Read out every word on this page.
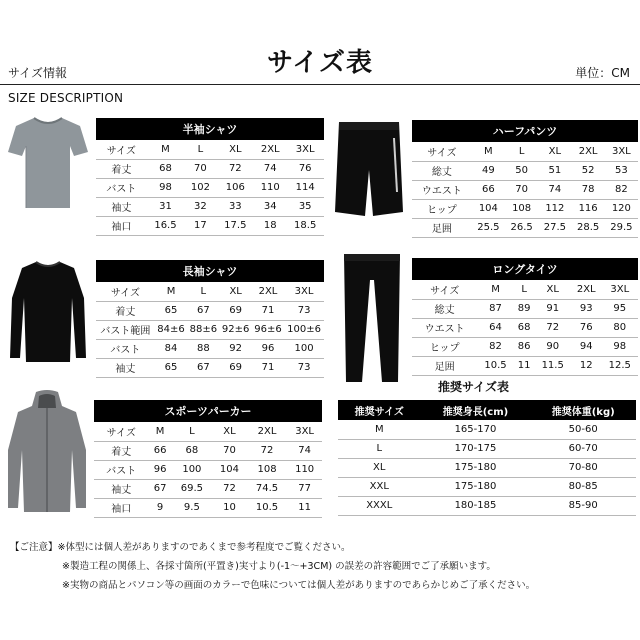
サイズ表
サイズ情報	単位：CM
SIZE DESCRIPTION
半袖シャツ					
サイズ	M	L	XL	2XL	3XL
着丈	68	70	72	74	76
バスト	98	102	106	110	114
袖丈	31	32	33	34	35
袖口	16.5	17	17.5	18	18.5
ハーフパンツ					
サイズ	M	L	XL	2XL	3XL
総丈	49	50	51	52	53
ウエスト	66	70	74	78	82
ヒップ	104	108	112	116	120
足囲	25.5	26.5	27.5	28.5	29.5
長袖シャツ					
サイズ	M	L	XL	2XL	3XL
着丈	65	67	69	71	73
バスト範囲	84±6	88±6	92±6	96±6	100±6
バスト	84	88	92	96	100
袖丈	65	67	69	71	73
ロングタイツ					
サイズ	M	L	XL	2XL	3XL
総丈	87	89	91	93	95
ウエスト	64	68	72	76	80
ヒップ	82	86	90	94	98
足囲	10.5	11	11.5	12	12.5
スポーツパーカー					
サイズ	M	L	XL	2XL	3XL
着丈	66	68	70	72	74
バスト	96	100	104	108	110
袖丈	67	69.5	72	74.5	77
袖口	9	9.5	10	10.5	11
推奨サイズ表
推奨サイズ	推奨身長(cm)	推奨体重(kg)
M	165-170	50-60
L	170-175	60-70
XL	175-180	70-80
XXL	175-180	80-85
XXXL	180-185	85-90
【ご注意】※体型には個人差がありますのであくまで参考程度でご覧ください。
※製造工程の関係上、各採寸箇所(平置き)実寸より(-1～+3CM) の誤差の許容範囲でご了承願います。
※実物の商品とパソコン等の画面のカラーで色味については個人差がありますのであらかじめご了承ください。
